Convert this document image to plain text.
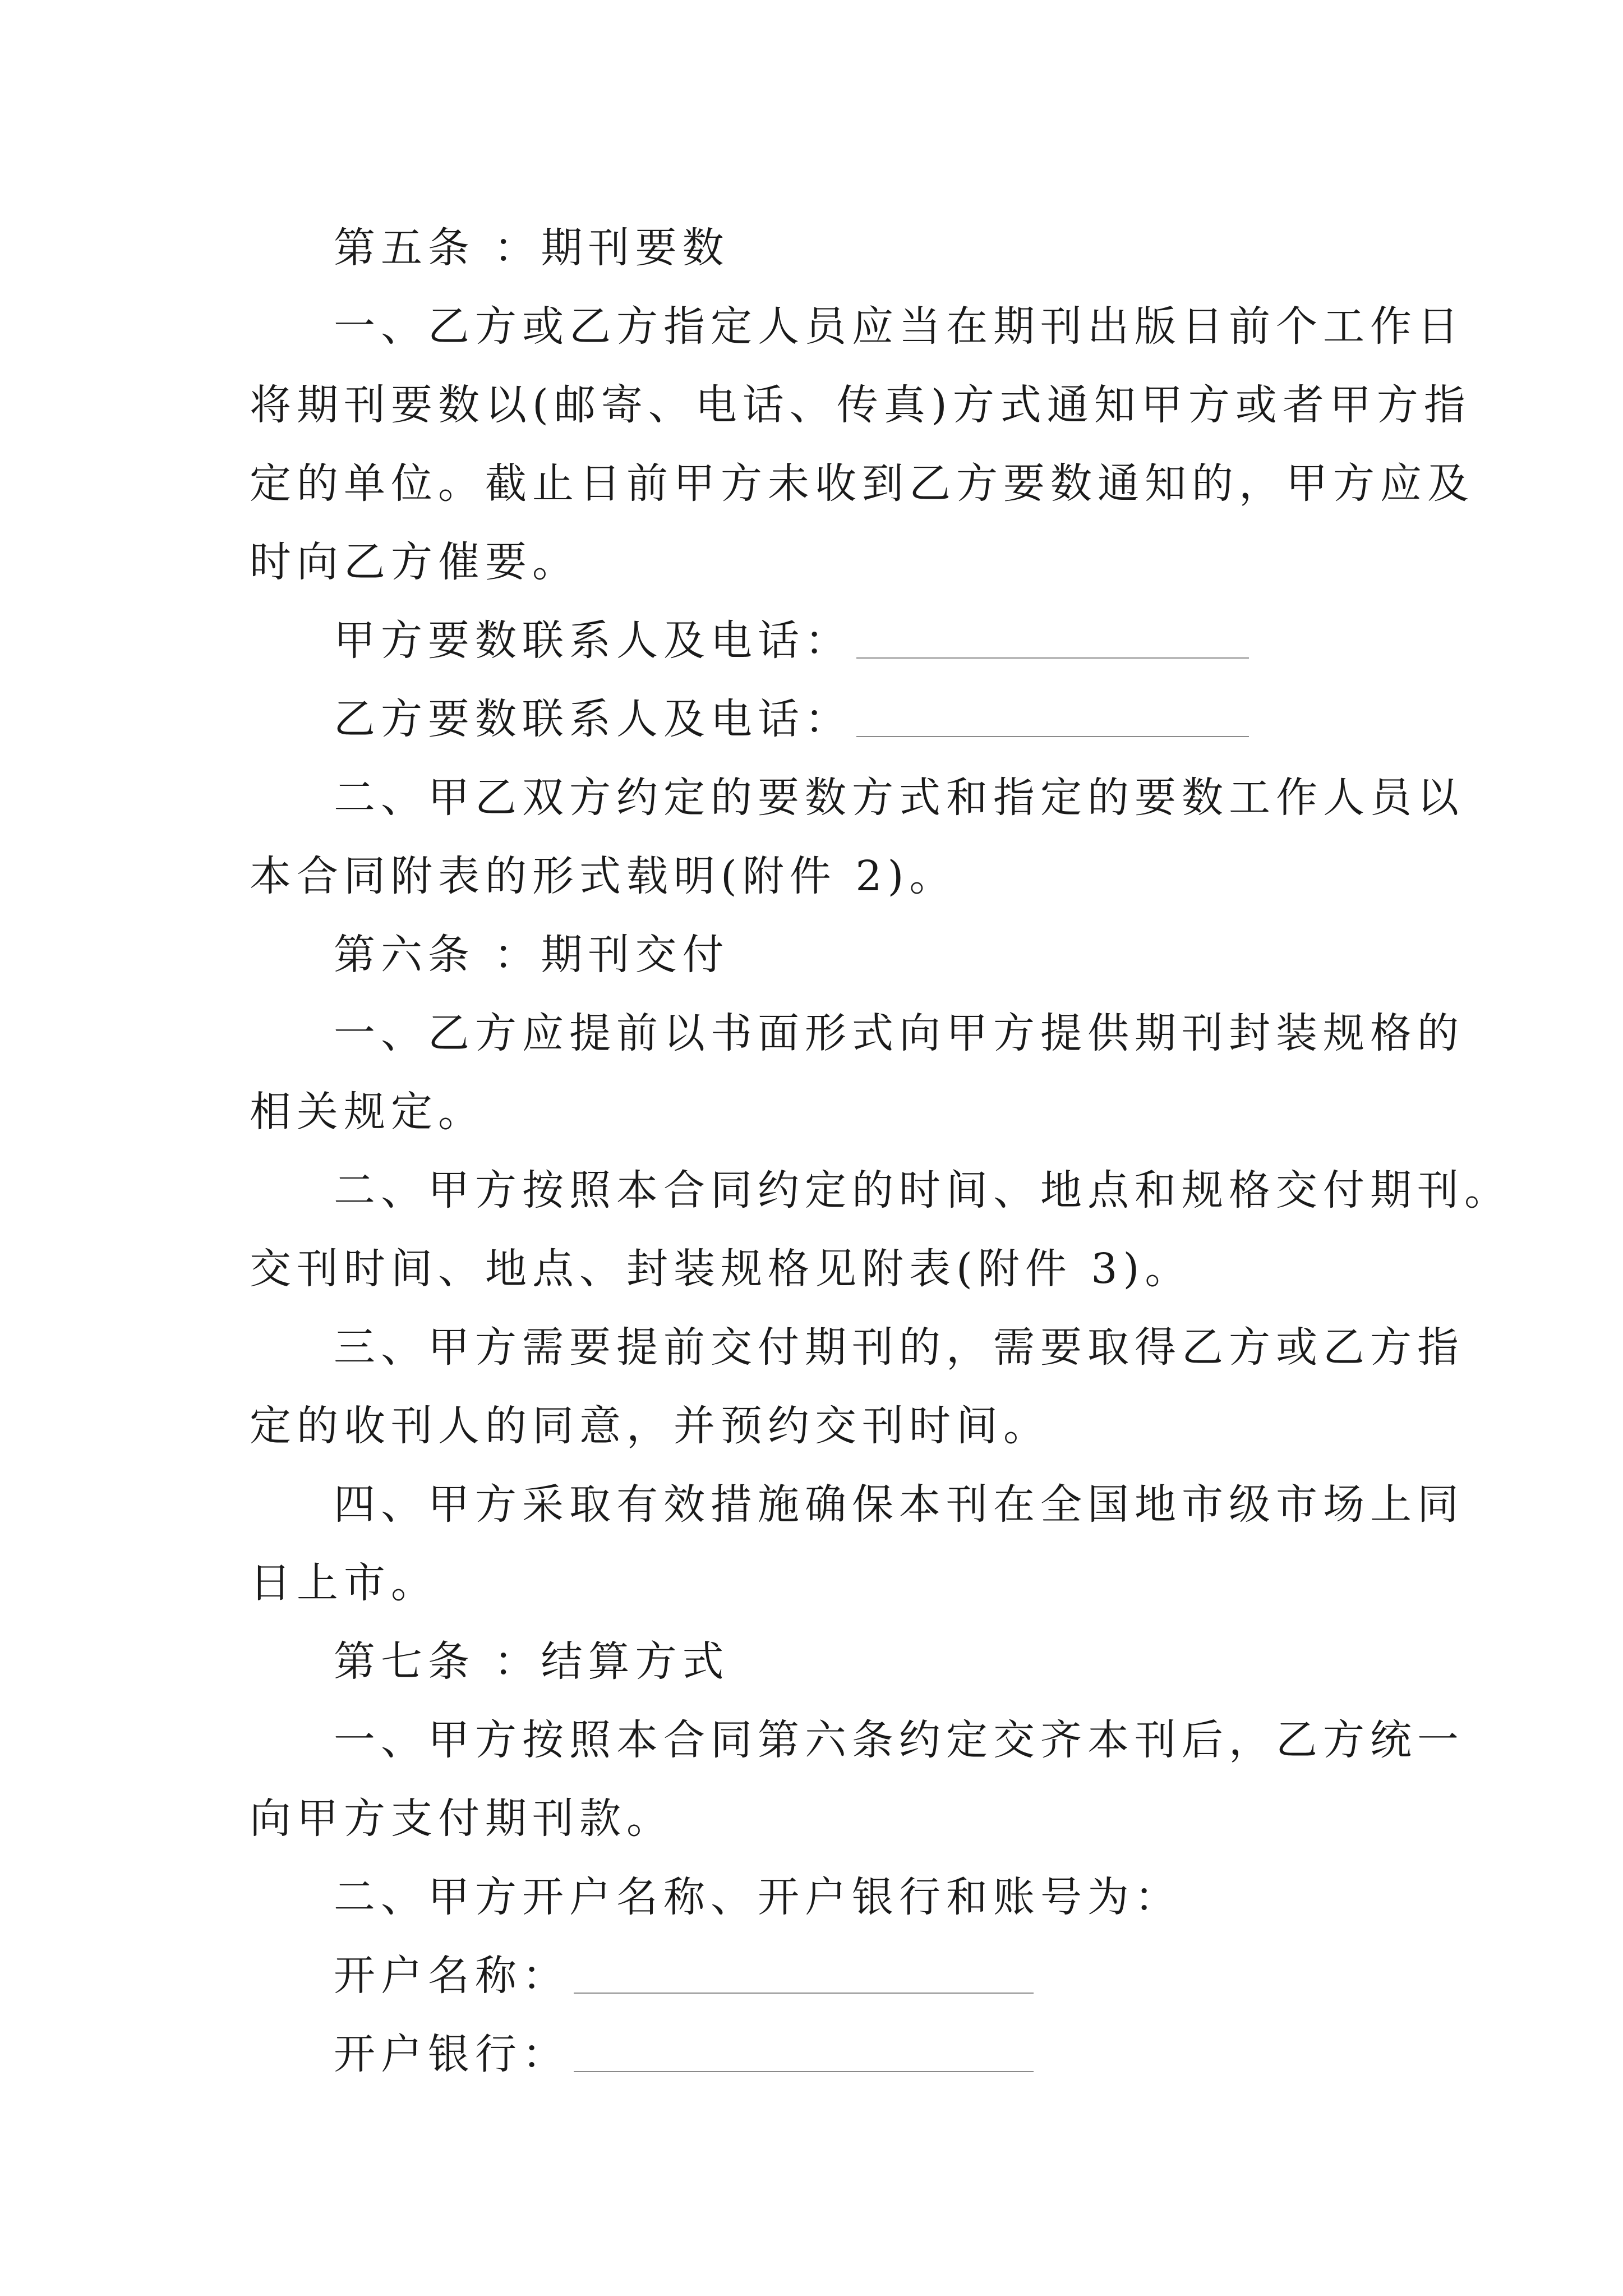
第五条 ：期刊要数

一、乙方或乙方指定人员应当在期刊出版日前个工作日

将期刊要数以(邮寄、电话、传真)方式通知甲方或者甲方指

定的单位。截止日前甲方未收到乙方要数通知的，甲方应及

时向乙方催要。

甲方要数联系人及电话：
乙方要数联系人及电话：

二、甲乙双方约定的要数方式和指定的要数工作人员以

本合同附表的形式载明(附件 2)。

第六条 ：期刊交付

一、乙方应提前以书面形式向甲方提供期刊封装规格的

相关规定。

二、甲方按照本合同约定的时间、地点和规格交付期刊。

交刊时间、地点、封装规格见附表(附件 3)。

三、甲方需要提前交付期刊的，需要取得乙方或乙方指

定的收刊人的同意，并预约交刊时间。

四、甲方采取有效措施确保本刊在全国地市级市场上同

日上市。

第七条 ：结算方式

一、甲方按照本合同第六条约定交齐本刊后，乙方统一

向甲方支付期刊款。

二、甲方开户名称、开户银行和账号为：

开户名称：
开户银行：
